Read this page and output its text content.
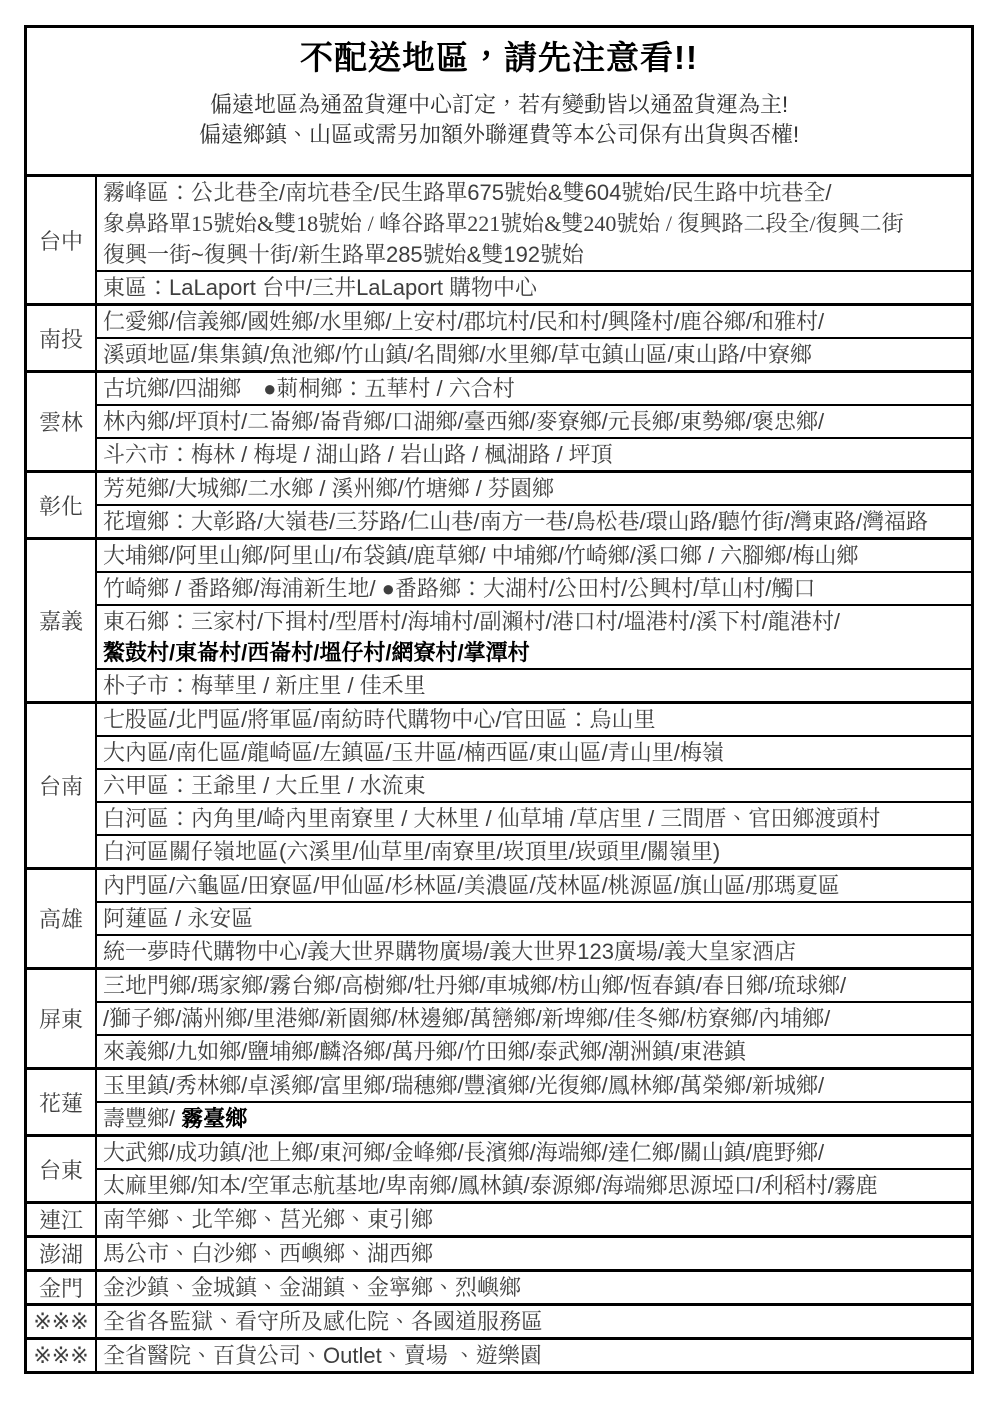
不配送地區，請先注意看!!
偏遠地區為通盈貨運中心訂定，若有變動皆以通盈貨運為主!
偏遠鄉鎮、山區或需另加額外聯運費等本公司保有出貨與否權!
台中
霧峰區：公北巷全/南坑巷全/民生路單675號始&雙604號始/民生路中坑巷全/
象鼻路單15號始&雙18號始 / 峰谷路單221號始&雙240號始 / 復興路二段全/復興二街
復興一街~復興十街/新生路單285號始&雙192號始
東區：LaLaport 台中/三井LaLaport 購物中心
南投
仁愛鄉/信義鄉/國姓鄉/水里鄉/上安村/郡坑村/民和村/興隆村/鹿谷鄉/和雅村/
溪頭地區/集集鎮/魚池鄉/竹山鎮/名間鄉/水里鄉/草屯鎮山區/東山路/中寮鄉
雲林
古坑鄉/四湖鄉　●莿桐鄉：五華村 / 六合村
林內鄉/坪頂村/二崙鄉/崙背鄉/口湖鄉/臺西鄉/麥寮鄉/元長鄉/東勢鄉/褒忠鄉/
斗六市：梅林 / 梅堤 / 湖山路 / 岩山路 / 楓湖路 / 坪頂
彰化
芳苑鄉/大城鄉/二水鄉 / 溪州鄉/竹塘鄉 / 芬園鄉
花壇鄉：大彰路/大嶺巷/三芬路/仁山巷/南方一巷/鳥松巷/環山路/聽竹街/灣東路/灣福路
嘉義
大埔鄉/阿里山鄉/阿里山/布袋鎮/鹿草鄉/ 中埔鄉/竹崎鄉/溪口鄉 / 六腳鄉/梅山鄉
竹崎鄉 / 番路鄉/海浦新生地/ ●番路鄉：大湖村/公田村/公興村/草山村/觸口
東石鄉：三家村/下揖村/型厝村/海埔村/副瀨村/港口村/塭港村/溪下村/龍港村/
鰲鼓村/東崙村/西崙村/塭仔村/網寮村/掌潭村
朴子市：梅華里 / 新庄里 / 佳禾里
台南
七股區/北門區/將軍區/南紡時代購物中心/官田區：烏山里
大內區/南化區/龍崎區/左鎮區/玉井區/楠西區/東山區/青山里/梅嶺
六甲區：王爺里 / 大丘里 / 水流東
白河區：內角里/崎內里南寮里 / 大林里 / 仙草埔 /草店里 / 三間厝、官田鄉渡頭村
白河區關仔嶺地區(六溪里/仙草里/南寮里/崁頂里/崁頭里/關嶺里)
高雄
內門區/六龜區/田寮區/甲仙區/杉林區/美濃區/茂林區/桃源區/旗山區/那瑪夏區
阿蓮區 / 永安區
統一夢時代購物中心/義大世界購物廣場/義大世界123廣場/義大皇家酒店
屏東
三地門鄉/瑪家鄉/霧台鄉/高樹鄉/牡丹鄉/車城鄉/枋山鄉/恆春鎮/春日鄉/琉球鄉/
/獅子鄉/滿州鄉/里港鄉/新園鄉/林邊鄉/萬巒鄉/新埤鄉/佳冬鄉/枋寮鄉/內埔鄉/
來義鄉/九如鄉/鹽埔鄉/麟洛鄉/萬丹鄉/竹田鄉/泰武鄉/潮洲鎮/東港鎮
花蓮
玉里鎮/秀林鄉/卓溪鄉/富里鄉/瑞穗鄉/豐濱鄉/光復鄉/鳳林鄉/萬榮鄉/新城鄉/
壽豐鄉/ 霧臺鄉
台東
大武鄉/成功鎮/池上鄉/東河鄉/金峰鄉/長濱鄉/海端鄉/達仁鄉/關山鎮/鹿野鄉/
太麻里鄉/知本/空軍志航基地/卑南鄉/鳳林鎮/泰源鄉/海端鄉思源埡口/利稻村/霧鹿
連江 南竿鄉、北竿鄉、莒光鄉、東引鄉
澎湖 馬公市、白沙鄉、西嶼鄉、湖西鄉
金門 金沙鎮、金城鎮、金湖鎮、金寧鄉、烈嶼鄉
※※※ 全省各監獄、看守所及感化院、各國道服務區
※※※ 全省醫院、百貨公司、Outlet、賣場 、遊樂園
